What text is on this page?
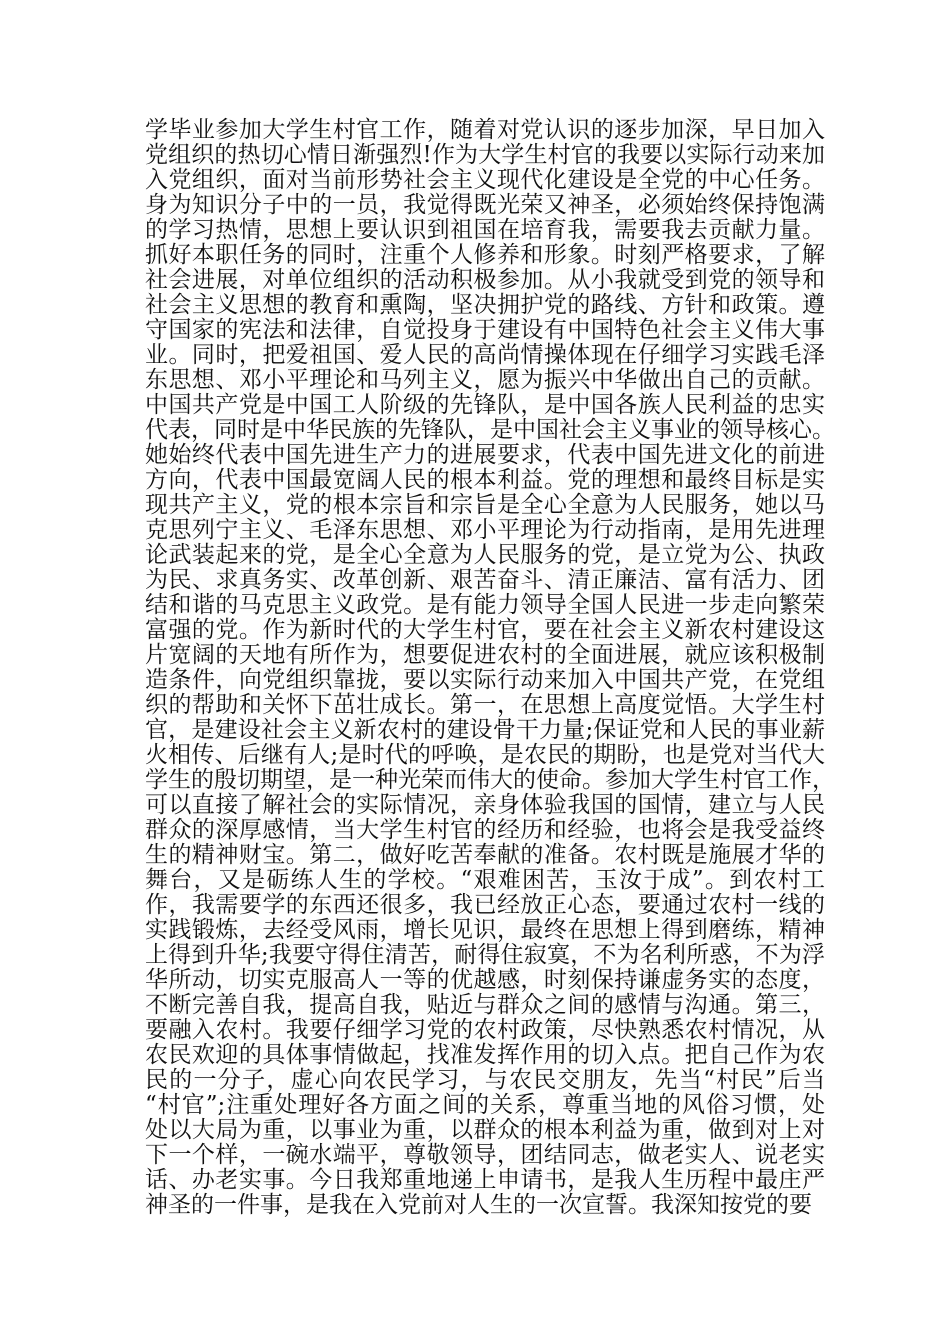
学毕业参加大学生村官工作，随着对党认识的逐步加深，早日加入
党组织的热切心情日渐强烈!作为大学生村官的我要以实际行动来加
入党组织，面对当前形势社会主义现代化建设是全党的中心任务。
身为知识分子中的一员，我觉得既光荣又神圣，必须始终保持饱满
的学习热情，思想上要认识到祖国在培育我，需要我去贡献力量。
抓好本职任务的同时，注重个人修养和形象。时刻严格要求，了解
社会进展，对单位组织的活动积极参加。从小我就受到党的领导和
社会主义思想的教育和熏陶，坚决拥护党的路线、方针和政策。遵
守国家的宪法和法律，自觉投身于建设有中国特色社会主义伟大事
业。同时，把爱祖国、爱人民的高尚情操体现在仔细学习实践毛泽
东思想、邓小平理论和马列主义，愿为振兴中华做出自己的贡献。
中国共产党是中国工人阶级的先锋队，是中国各族人民利益的忠实
代表，同时是中华民族的先锋队，是中国社会主义事业的领导核心。
她始终代表中国先进生产力的进展要求，代表中国先进文化的前进
方向，代表中国最宽阔人民的根本利益。党的理想和最终目标是实
现共产主义，党的根本宗旨和宗旨是全心全意为人民服务，她以马
克思列宁主义、毛泽东思想、邓小平理论为行动指南，是用先进理
论武装起来的党，是全心全意为人民服务的党，是立党为公、执政
为民、求真务实、改革创新、艰苦奋斗、清正廉洁、富有活力、团
结和谐的马克思主义政党。是有能力领导全国人民进一步走向繁荣
富强的党。作为新时代的大学生村官，要在社会主义新农村建设这
片宽阔的天地有所作为，想要促进农村的全面进展，就应该积极制
造条件，向党组织靠拢，要以实际行动来加入中国共产党，在党组
织的帮助和关怀下茁壮成长。第一，在思想上高度觉悟。大学生村
官，是建设社会主义新农村的建设骨干力量;保证党和人民的事业薪
火相传、后继有人;是时代的呼唤，是农民的期盼，也是党对当代大
学生的殷切期望，是一种光荣而伟大的使命。参加大学生村官工作，
可以直接了解社会的实际情况，亲身体验我国的国情，建立与人民
群众的深厚感情，当大学生村官的经历和经验，也将会是我受益终
生的精神财宝。第二，做好吃苦奉献的准备。农村既是施展才华的
舞台，又是砺练人生的学校。“艰难困苦，玉汝于成”。到农村工
作，我需要学的东西还很多，我已经放正心态，要通过农村一线的
实践锻炼，去经受风雨，增长见识，最终在思想上得到磨练，精神
上得到升华;我要守得住清苦，耐得住寂寞，不为名利所惑，不为浮
华所动，切实克服高人一等的优越感，时刻保持谦虚务实的态度，
不断完善自我，提高自我，贴近与群众之间的感情与沟通。第三，
要融入农村。我要仔细学习党的农村政策，尽快熟悉农村情况，从
农民欢迎的具体事情做起，找准发挥作用的切入点。把自己作为农
民的一分子，虚心向农民学习，与农民交朋友，先当“村民”后当
“村官”;注重处理好各方面之间的关系，尊重当地的风俗习惯，处
处以大局为重，以事业为重，以群众的根本利益为重，做到对上对
下一个样，一碗水端平，尊敬领导，团结同志，做老实人、说老实
话、办老实事。今日我郑重地递上申请书，是我人生历程中最庄严
神圣的一件事，是我在入党前对人生的一次宣誓。我深知按党的要
